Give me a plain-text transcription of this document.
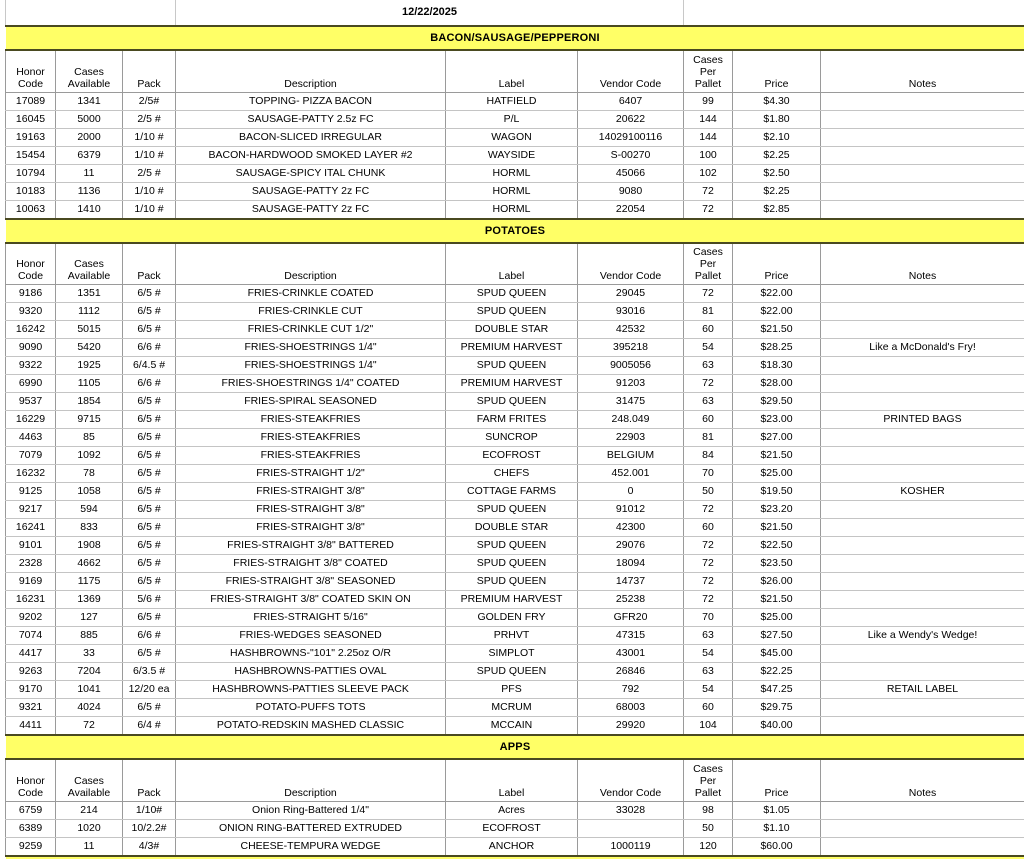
			12/22/2025					
BACON/SAUSAGE/PEPPERONI								
Honor
Code	Cases
Available	Pack	Description	Label	Vendor Code	Cases
Per
Pallet	Price	Notes
17089	1341	2/5#	TOPPING- PIZZA BACON	HATFIELD	6407	99	$4.30	
16045	5000	2/5 #	SAUSAGE-PATTY 2.5z FC	P/L	20622	144	$1.80	
19163	2000	1/10 #	BACON-SLICED IRREGULAR	WAGON	14029100116	144	$2.10	
15454	6379	1/10 #	BACON-HARDWOOD SMOKED LAYER #2	WAYSIDE	S-00270	100	$2.25	
10794	11	2/5 #	SAUSAGE-SPICY ITAL CHUNK	HORML	45066	102	$2.50	
10183	1136	1/10 #	SAUSAGE-PATTY 2z FC	HORML	9080	72	$2.25	
10063	1410	1/10 #	SAUSAGE-PATTY 2z FC	HORML	22054	72	$2.85	
POTATOES								
Honor
Code	Cases
Available	Pack	Description	Label	Vendor Code	Cases
Per
Pallet	Price	Notes
9186	1351	6/5 #	FRIES-CRINKLE COATED	SPUD QUEEN	29045	72	$22.00	
9320	1112	6/5 #	FRIES-CRINKLE CUT	SPUD QUEEN	93016	81	$22.00	
16242	5015	6/5 #	FRIES-CRINKLE CUT 1/2"	DOUBLE STAR	42532	60	$21.50	
9090	5420	6/6 #	FRIES-SHOESTRINGS 1/4"	PREMIUM HARVEST	395218	54	$28.25	Like a McDonald's Fry!
9322	1925	6/4.5 #	FRIES-SHOESTRINGS 1/4"	SPUD QUEEN	9005056	63	$18.30	
6990	1105	6/6 #	FRIES-SHOESTRINGS 1/4" COATED	PREMIUM HARVEST	91203	72	$28.00	
9537	1854	6/5 #	FRIES-SPIRAL SEASONED	SPUD QUEEN	31475	63	$29.50	
16229	9715	6/5 #	FRIES-STEAKFRIES	FARM FRITES	248.049	60	$23.00	PRINTED BAGS
4463	85	6/5 #	FRIES-STEAKFRIES	SUNCROP	22903	81	$27.00	
7079	1092	6/5 #	FRIES-STEAKFRIES	ECOFROST	BELGIUM	84	$21.50	
16232	78	6/5 #	FRIES-STRAIGHT 1/2"	CHEFS	452.001	70	$25.00	
9125	1058	6/5 #	FRIES-STRAIGHT 3/8"	COTTAGE FARMS	0	50	$19.50	KOSHER
9217	594	6/5 #	FRIES-STRAIGHT 3/8"	SPUD QUEEN	91012	72	$23.20	
16241	833	6/5 #	FRIES-STRAIGHT 3/8"	DOUBLE STAR	42300	60	$21.50	
9101	1908	6/5 #	FRIES-STRAIGHT 3/8" BATTERED	SPUD QUEEN	29076	72	$22.50	
2328	4662	6/5 #	FRIES-STRAIGHT 3/8" COATED	SPUD QUEEN	18094	72	$23.50	
9169	1175	6/5 #	FRIES-STRAIGHT 3/8" SEASONED	SPUD QUEEN	14737	72	$26.00	
16231	1369	5/6 #	FRIES-STRAIGHT 3/8" COATED SKIN ON	PREMIUM HARVEST	25238	72	$21.50	
9202	127	6/5 #	FRIES-STRAIGHT 5/16"	GOLDEN FRY	GFR20	70	$25.00	
7074	885	6/6 #	FRIES-WEDGES SEASONED	PRHVT	47315	63	$27.50	Like a Wendy's Wedge!
4417	33	6/5 #	HASHBROWNS-"101" 2.25oz O/R	SIMPLOT	43001	54	$45.00	
9263	7204	6/3.5 #	HASHBROWNS-PATTIES OVAL	SPUD QUEEN	26846	63	$22.25	
9170	1041	12/20 ea	HASHBROWNS-PATTIES SLEEVE PACK	PFS	792	54	$47.25	RETAIL LABEL
9321	4024	6/5 #	POTATO-PUFFS TOTS	MCRUM	68003	60	$29.75	
4411	72	6/4 #	POTATO-REDSKIN MASHED CLASSIC	MCCAIN	29920	104	$40.00	
APPS								
Honor
Code	Cases
Available	Pack	Description	Label	Vendor Code	Cases
Per
Pallet	Price	Notes
6759	214	1/10#	Onion Ring-Battered 1/4"	Acres	33028	98	$1.05	
6389	1020	10/2.2#	ONION RING-BATTERED EXTRUDED	ECOFROST		50	$1.10	
9259	11	4/3#	CHEESE-TEMPURA WEDGE	ANCHOR	1000119	120	$60.00	
